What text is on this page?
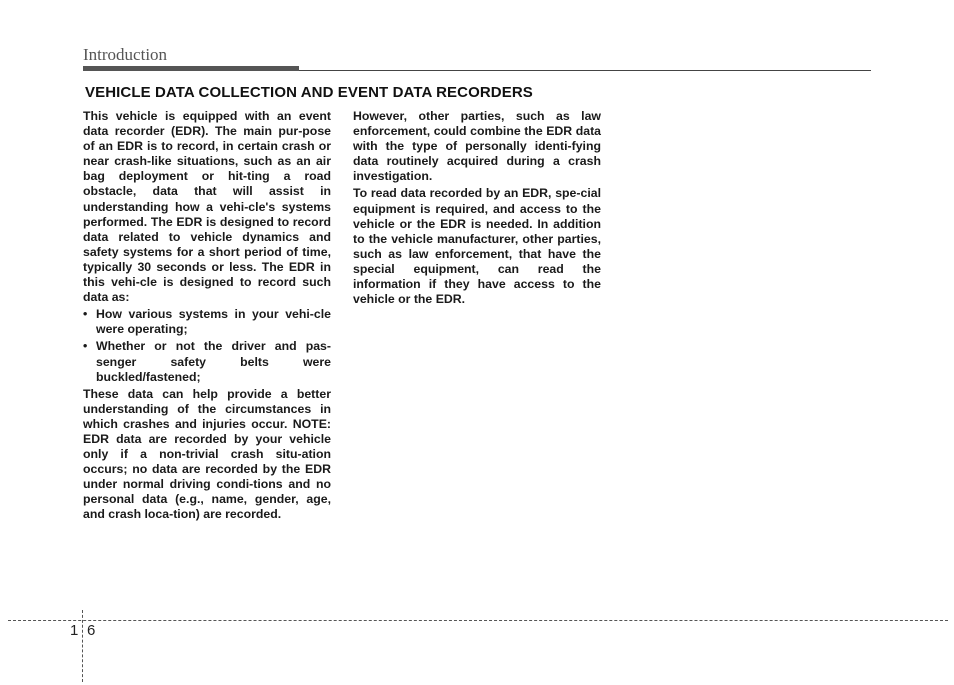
Introduction
VEHICLE DATA COLLECTION AND EVENT DATA RECORDERS

This vehicle is equipped with an event data recorder (EDR). The main pur-pose of an EDR is to record, in certain crash or near crash-like situations, such as an air bag deployment or hit-ting a road obstacle, data that will assist in understanding how a vehi-cle's systems performed. The EDR is designed to record data related to vehicle dynamics and safety systems for a short period of time, typically 30 seconds or less. The EDR in this vehi-cle is designed to record such data as:

• How various systems in your vehi-cle were operating;
• Whether or not the driver and pas-senger safety belts were buckled/fastened;

These data can help provide a better understanding of the circumstances in which crashes and injuries occur. NOTE: EDR data are recorded by your vehicle only if a non-trivial crash situ-ation occurs; no data are recorded by the EDR under normal driving condi-tions and no personal data (e.g., name, gender, age, and crash loca-tion) are recorded.

However, other parties, such as law enforcement, could combine the EDR data with the type of personally identi-fying data routinely acquired during a crash investigation.

To read data recorded by an EDR, spe-cial equipment is required, and access to the vehicle or the EDR is needed. In addition to the vehicle manufacturer, other parties, such as law enforcement, that have the special equipment, can read the information if they have access to the vehicle or the EDR.

1 6
